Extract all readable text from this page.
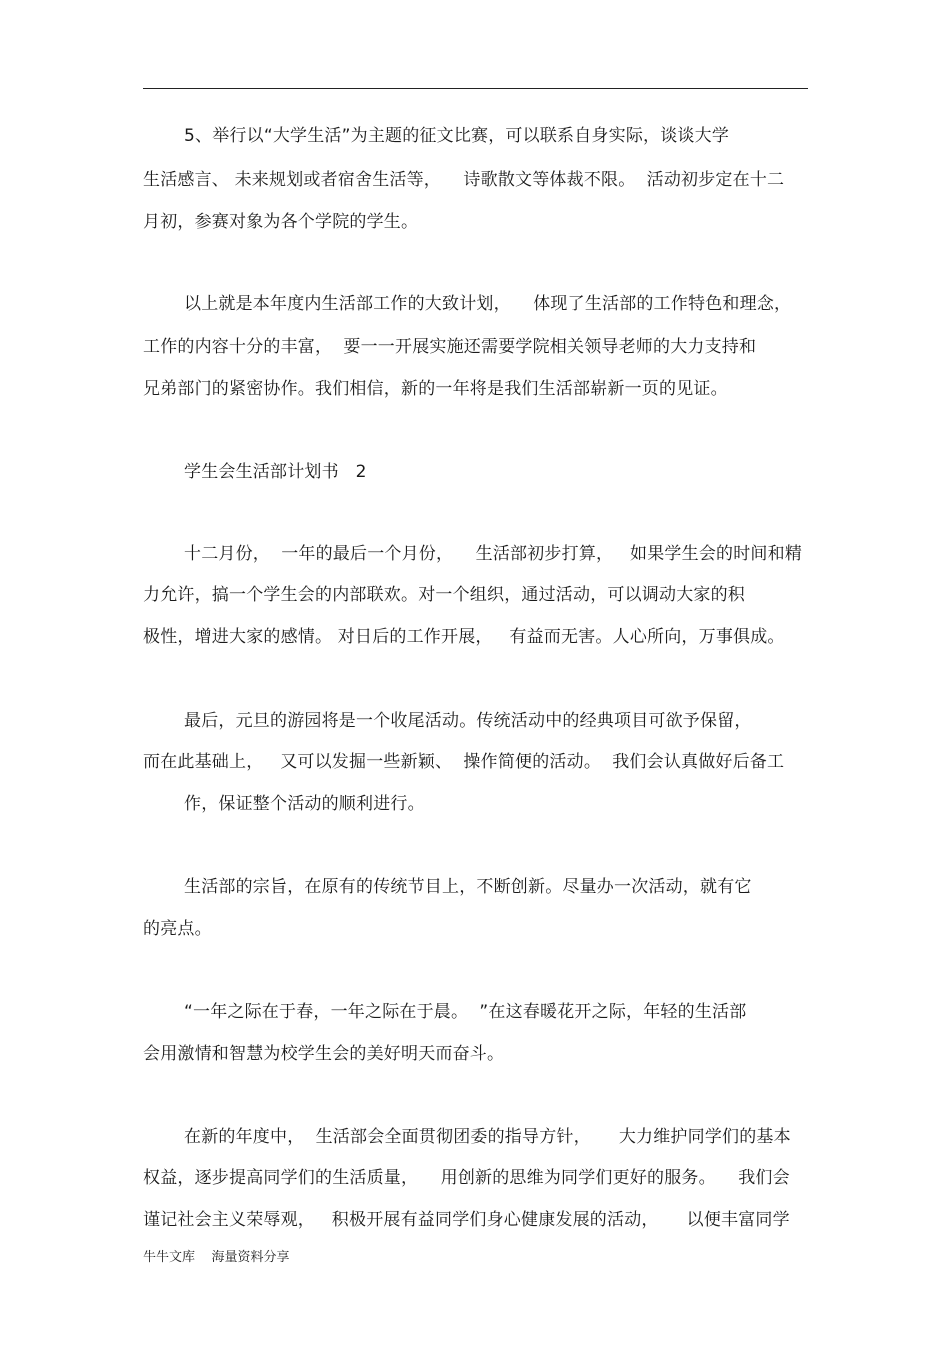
5、举行以“大学生活”为主题的征文比赛，可以联系自身实际，谈谈大学
生活感言、 未来规划或者宿舍生活等，    诗歌散文等体裁不限。  活动初步定在十二
月初，参赛对象为各个学院的学生。
以上就是本年度内生活部工作的大致计划，    体现了生活部的工作特色和理念，
工作的内容十分的丰富，  要一一开展实施还需要学院相关领导老师的大力支持和
兄弟部门的紧密协作。我们相信，新的一年将是我们生活部崭新一页的见证。
学生会生活部计划书   2
十二月份，  一年的最后一个月份，    生活部初步打算，   如果学生会的时间和精
力允许，搞一个学生会的内部联欢。对一个组织，通过活动，可以调动大家的积
极性，增进大家的感情。 对日后的工作开展，   有益而无害。人心所向，万事俱成。
最后，元旦的游园将是一个收尾活动。传统活动中的经典项目可欲予保留，
而在此基础上，   又可以发掘一些新颖、  操作简便的活动。  我们会认真做好后备工
作，保证整个活动的顺利进行。
生活部的宗旨，在原有的传统节目上，不断创新。尽量办一次活动，就有它
的亮点。
“一年之际在于春，一年之际在于晨。  ”在这春暖花开之际，年轻的生活部
会用激情和智慧为校学生会的美好明天而奋斗。
在新的年度中，  生活部会全面贯彻团委的指导方针，     大力维护同学们的基本
权益，逐步提高同学们的生活质量，    用创新的思维为同学们更好的服务。    我们会
谨记社会主义荣辱观，   积极开展有益同学们身心健康发展的活动，     以便丰富同学
牛牛文库    海量资料分享
